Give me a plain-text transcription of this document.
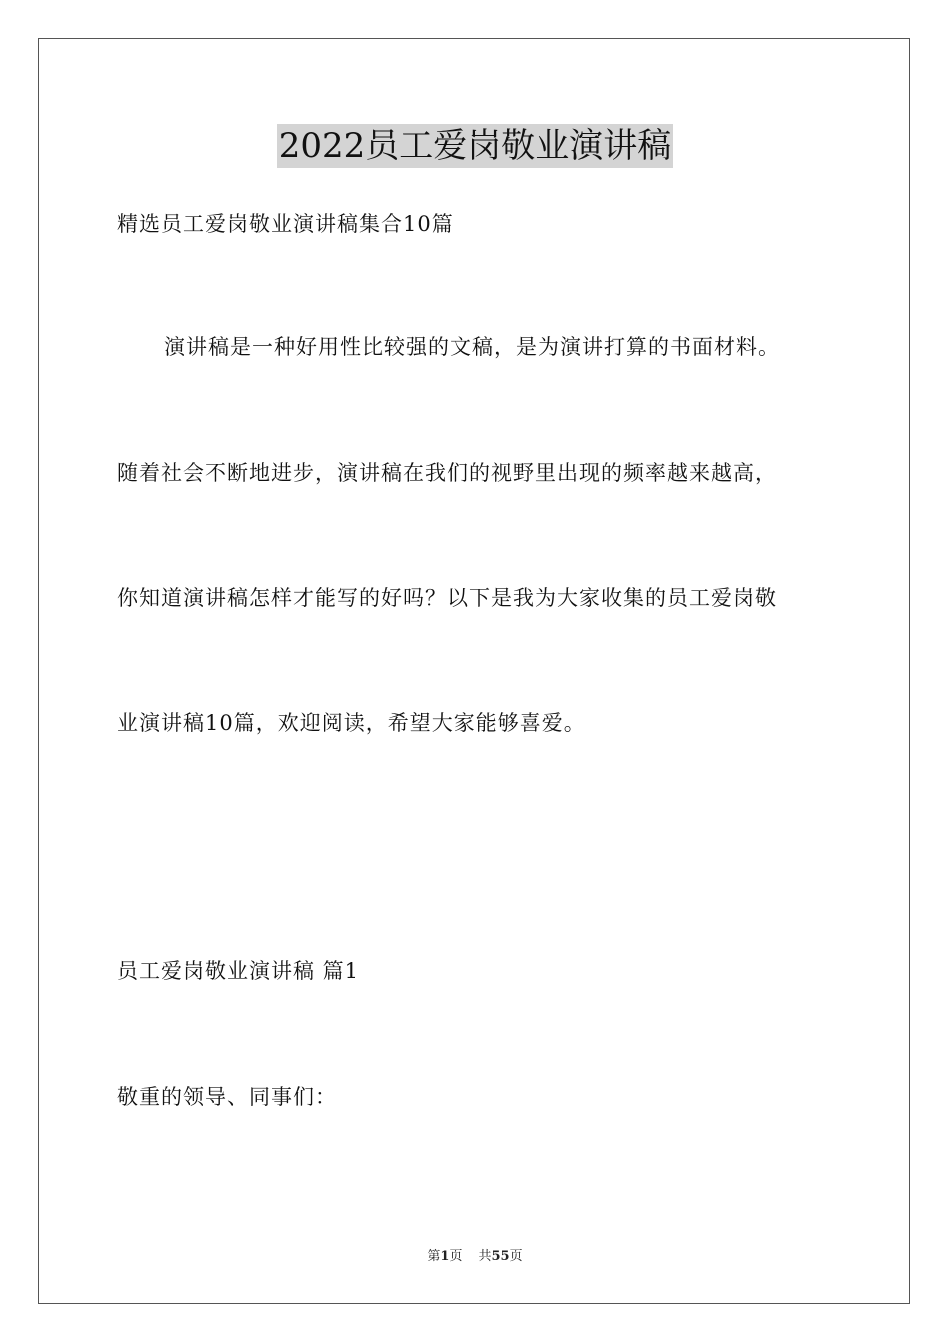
2022员工爱岗敬业演讲稿
精选员工爱岗敬业演讲稿集合10篇
演讲稿是一种好用性比较强的文稿，是为演讲打算的书面材料。
随着社会不断地进步，演讲稿在我们的视野里出现的频率越来越高，
你知道演讲稿怎样才能写的好吗？以下是我为大家收集的员工爱岗敬
业演讲稿10篇，欢迎阅读，希望大家能够喜爱。
员工爱岗敬业演讲稿 篇1
敬重的领导、同事们：
第1页 共55页
